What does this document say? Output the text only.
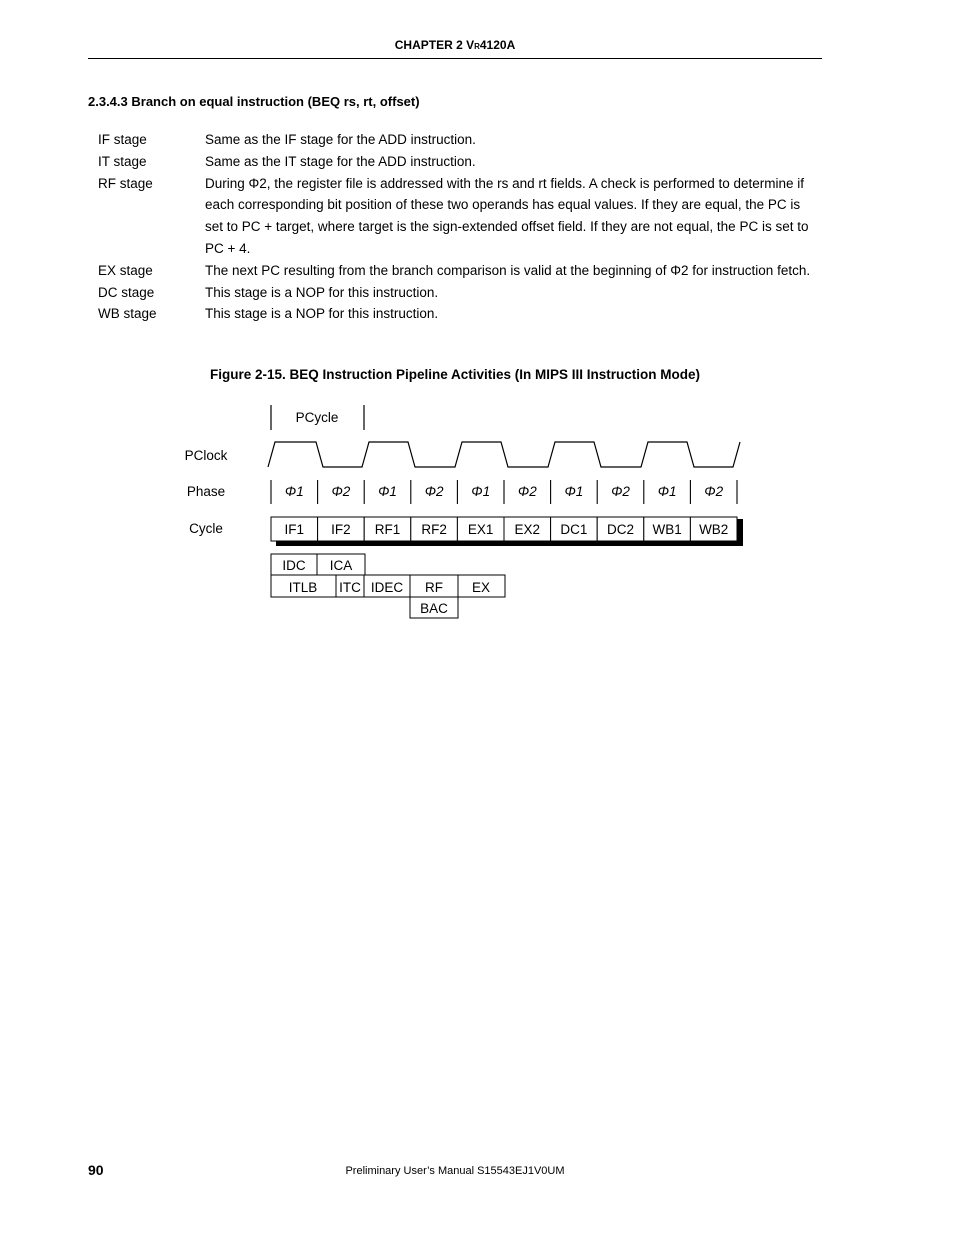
CHAPTER 2 VR4120A
2.3.4.3 Branch on equal instruction (BEQ rs, rt, offset)
IF stage	Same as the IF stage for the ADD instruction.
IT stage	Same as the IT stage for the ADD instruction.
RF stage	During Φ2, the register file is addressed with the rs and rt fields. A check is performed to determine if each corresponding bit position of these two operands has equal values. If they are equal, the PC is set to PC + target, where target is the sign-extended offset field. If they are not equal, the PC is set to PC + 4.
EX stage	The next PC resulting from the branch comparison is valid at the beginning of Φ2 for instruction fetch.
DC stage	This stage is a NOP for this instruction.
WB stage	This stage is a NOP for this instruction.
Figure 2-15. BEQ Instruction Pipeline Activities (In MIPS III Instruction Mode)
PCycle
PClock
Phase
Cycle
Φ1 Φ2 Φ1 Φ2 Φ1 Φ2 Φ1 Φ2 Φ1 Φ2
IF1 IF2 RF1 RF2 EX1 EX2 DC1 DC2 WB1 WB2
IDC ICA
ITLB ITC IDEC RF EX
BAC
90	Preliminary User’s Manual S15543EJ1V0UM
